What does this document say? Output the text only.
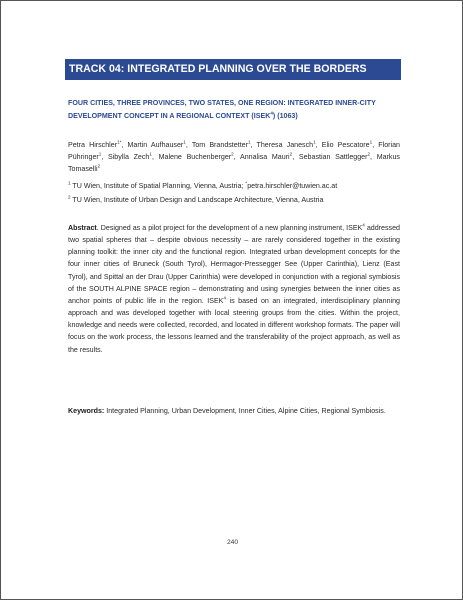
TRACK 04: INTEGRATED PLANNING OVER THE BORDERS
FOUR CITIES, THREE PROVINCES, TWO STATES, ONE REGION: INTEGRATED INNER-CITY DEVELOPMENT CONCEPT IN A REGIONAL CONTEXT (ISEK$^4$) (1063)
Petra Hirschler$^{1*}$, Martin Aufhauser$^1$, Tom Brandstetter$^1$, Theresa Janesch$^1$, Elio Pescatore$^1$, Florian Pühringer$^1$, Sibylla Zech$^1$, Malene Buchenberger$^2$, Annalisa Mauri$^2$, Sebastian Sattlegger$^2$, Markus Tomaselli$^2$
$^1$ TU Wien, Institute of Spatial Planning, Vienna, Austria; *petra.hirschler@tuwien.ac.at
$^2$ TU Wien, Institute of Urban Design and Landscape Architecture, Vienna, Austria
Abstract. Designed as a pilot project for the development of a new planning instrument, ISEK$^4$ addressed two spatial spheres that – despite obvious necessity – are rarely considered together in the existing planning toolkit: the inner city and the functional region. Integrated urban development concepts for the four inner cities of Bruneck (South Tyrol), Hermagor-Pressegger See (Upper Carinthia), Lienz (East Tyrol), and Spittal an der Drau (Upper Carinthia) were developed in conjunction with a regional symbiosis of the SOUTH ALPINE SPACE region – demonstrating and using synergies between the inner cities as anchor points of public life in the region. ISEK$^4$ is based on an integrated, interdisciplinary planning approach and was developed together with local steering groups from the cities. Within the project, knowledge and needs were collected, recorded, and located in different workshop formats. The paper will focus on the work process, the lessons learned and the transferability of the project approach, as well as the results.
Keywords: Integrated Planning, Urban Development, Inner Cities, Alpine Cities, Regional Symbiosis.
240
